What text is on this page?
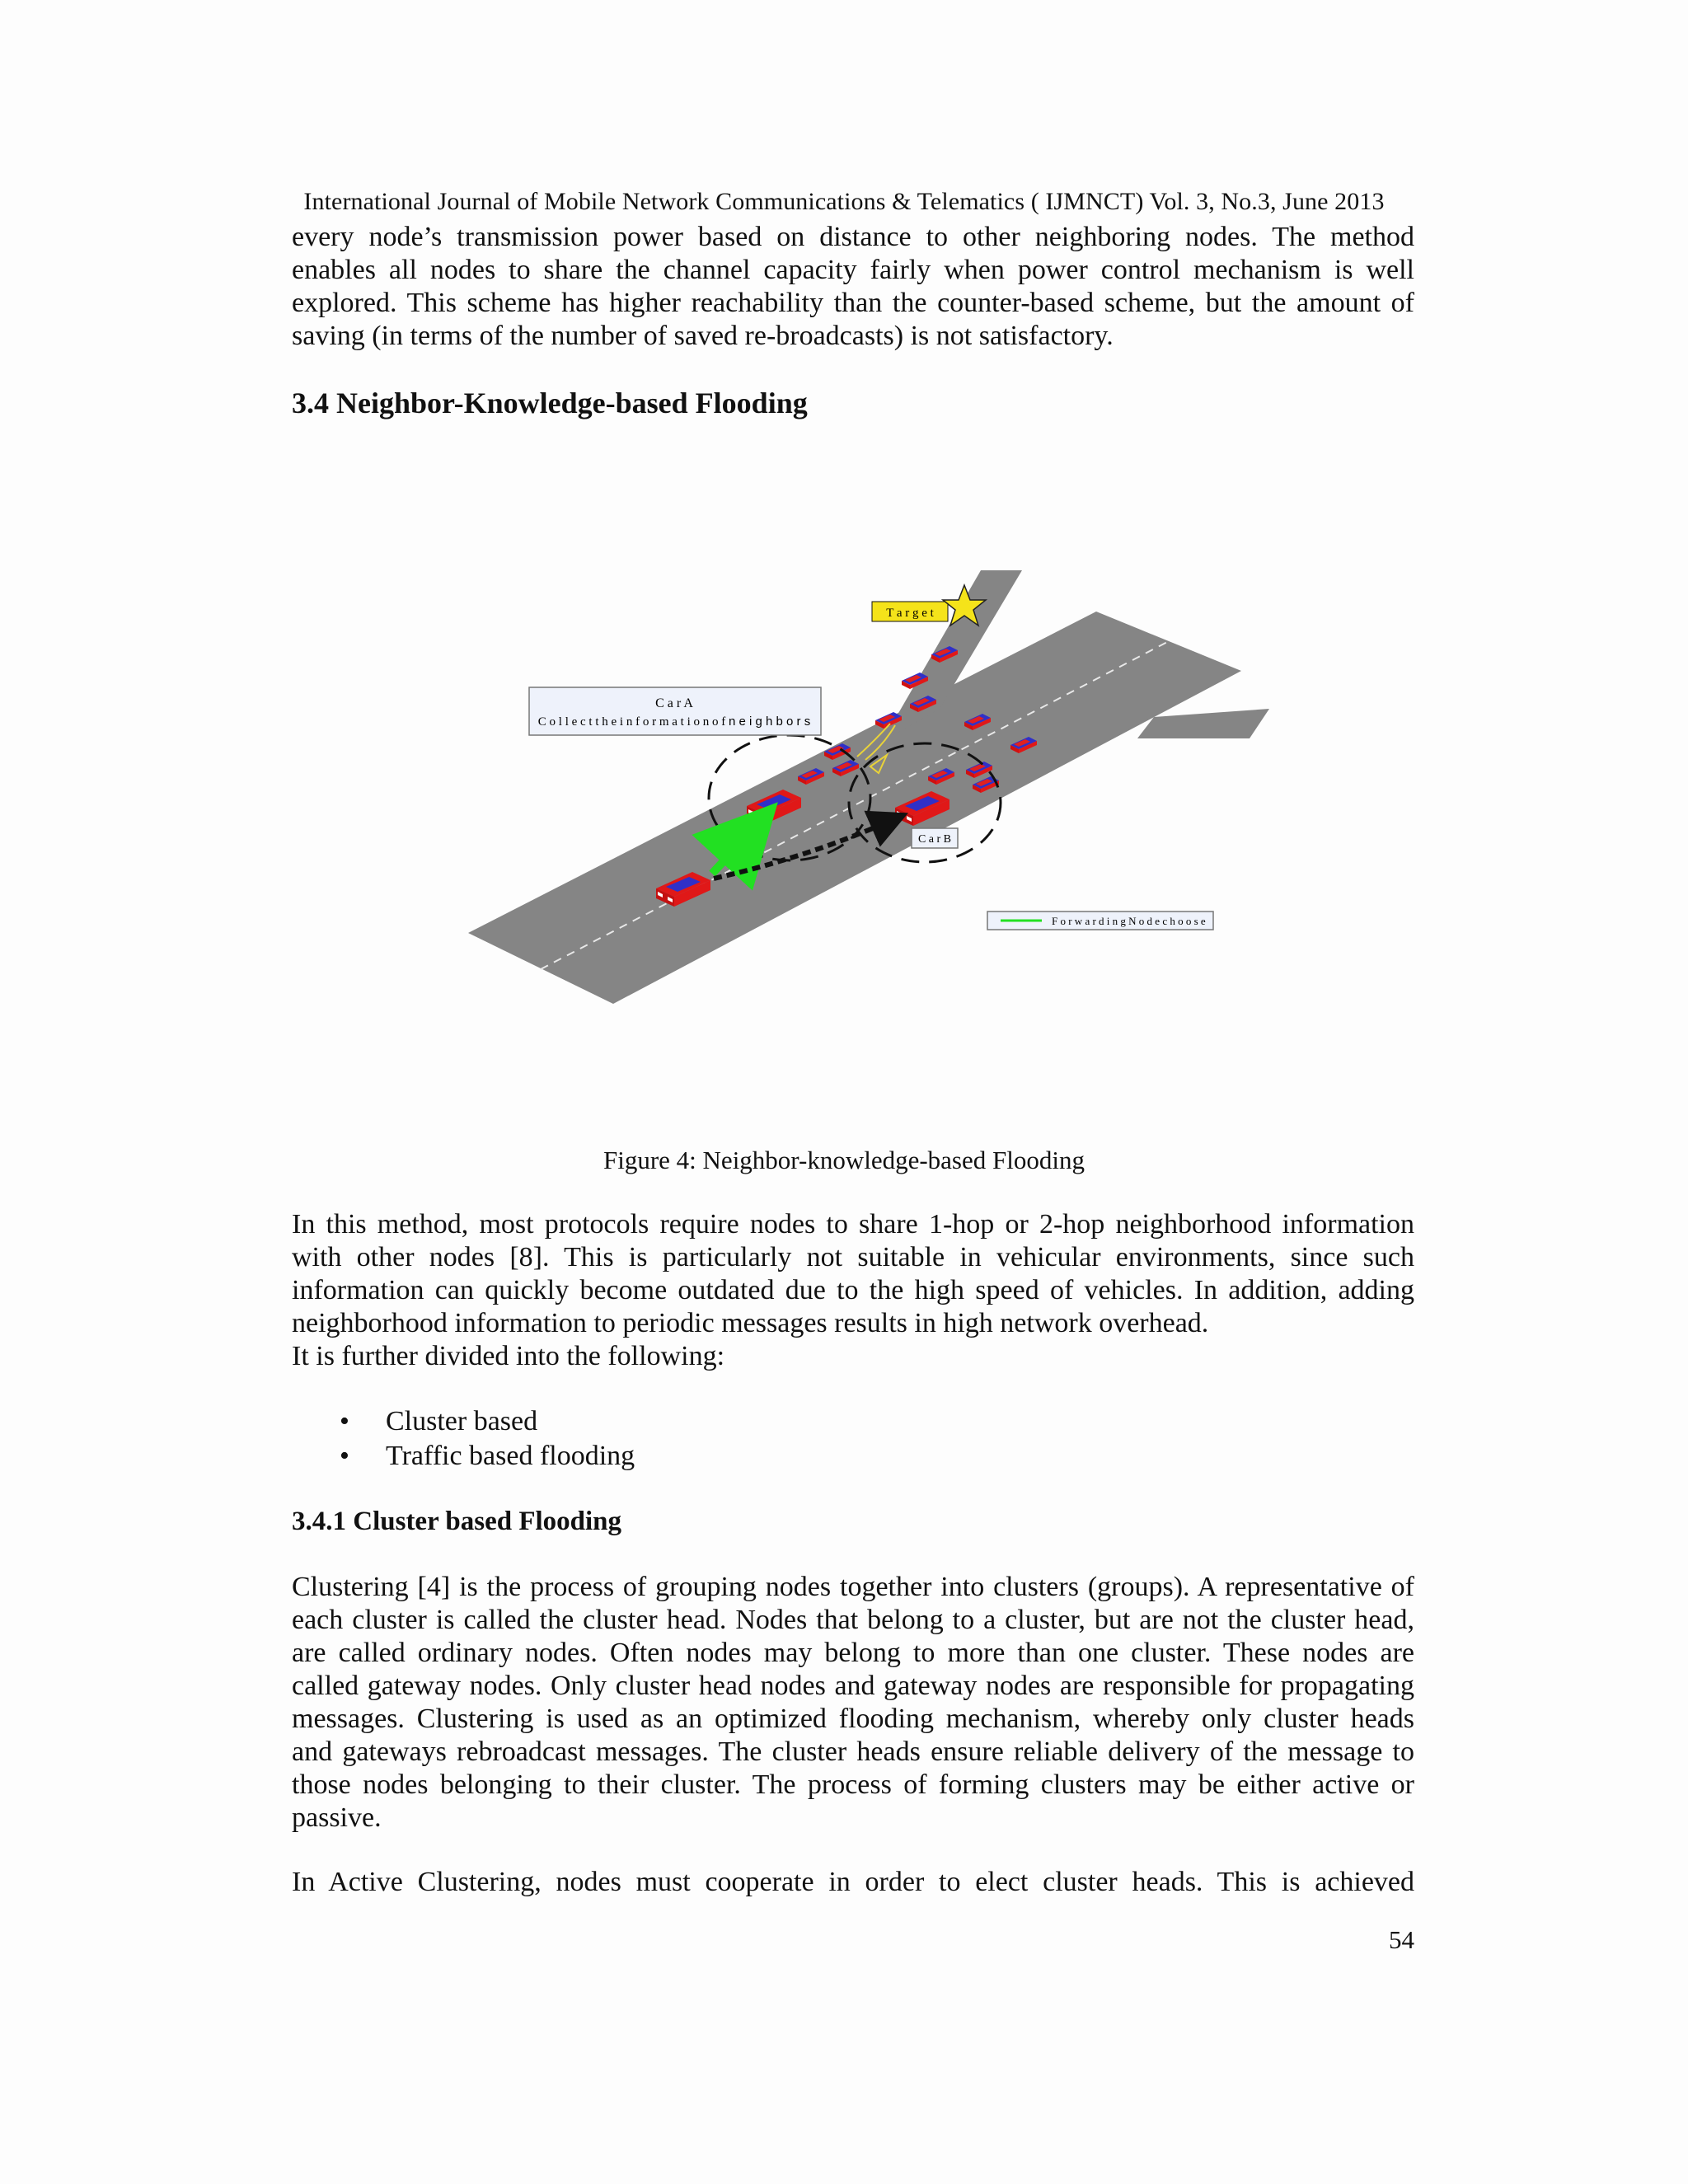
International Journal of Mobile Network Communications & Telematics ( IJMNCT) Vol. 3, No.3, June 2013
every node’s transmission power based on distance to other neighboring nodes. The method
enables all nodes to share the channel capacity fairly when power control mechanism is well
explored. This scheme has higher reachability than the counter-based scheme, but the amount of
saving (in terms of the number of saved re-broadcasts) is not satisfactory.
3.4 Neighbor-Knowledge-based Flooding
T a r g e t
C a r A
C o l l e c t t h e i n f o r m a t i o n o f n e i g h b o r s
C a r B
F o r w a r d i n g N o d e c h o o s e
Figure 4: Neighbor-knowledge-based Flooding
In this method, most protocols require nodes to share 1-hop or 2-hop neighborhood information
with other nodes [8]. This is particularly not suitable in vehicular environments, since such
information can quickly become outdated due to the high speed of vehicles. In addition, adding
neighborhood information to periodic messages results in high network overhead.
It is further divided into the following:
• Cluster based
• Traffic based flooding
3.4.1 Cluster based Flooding
Clustering [4] is the process of grouping nodes together into clusters (groups). A representative of
each cluster is called the cluster head. Nodes that belong to a cluster, but are not the cluster head,
are called ordinary nodes. Often nodes may belong to more than one cluster. These nodes are
called gateway nodes. Only cluster head nodes and gateway nodes are responsible for propagating
messages. Clustering is used as an optimized flooding mechanism, whereby only cluster heads
and gateways rebroadcast messages. The cluster heads ensure reliable delivery of the message to
those nodes belonging to their cluster. The process of forming clusters may be either active or
passive.
In Active Clustering, nodes must cooperate in order to elect cluster heads. This is achieved
54
